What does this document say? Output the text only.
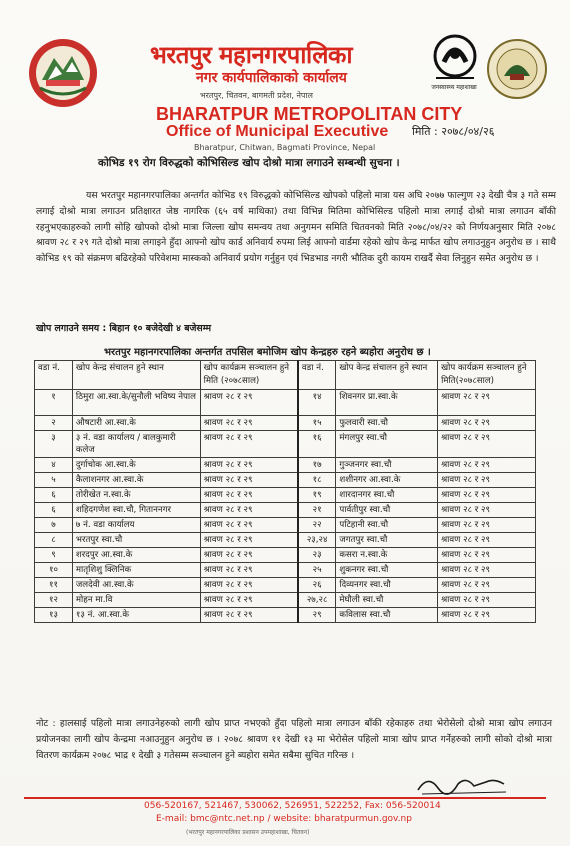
भरतपुर महानगरपालिका
नगर कार्यपालिकाको कार्यालय
भरतपुर, चितवन, बागमती प्रदेश, नेपाल
BHARATPUR METROPOLITAN CITY
Office of Municipal Executive
Bharatpur, Chitwan, Bagmati Province, Nepal
मिति : २०७८/०४/२६
जनस्वास्थ्य महाशाखा
कोभिड १९ रोग विरुद्धको कोभिसिल्ड खोप दोश्रो मात्रा लगाउने सम्बन्धी सुचना ।

यस भरतपुर महानगरपालिका अन्तर्गत कोभिड १९ विरुद्धको कोभिसिल्ड खोपको पहिलो मात्रा यस अघि २०७७ फाल्गुण २३ देखी चैत्र ३ गते सम्म लगाई दोश्रो मात्रा लगाउन प्रतिक्षारत जेष्ठ नागरिक (६५ वर्ष माथिका) तथा विभिन्न मितिमा कोभिसिल्ड पहिलो मात्रा लगाई दोश्रो मात्रा लगाउन बाँकी रहनुभएकाहरुको लागी सोहि खोपको दोश्रो मात्रा जिल्ला खोप समन्वय तथा अनुगमन समिति चितवनको मिति २०७८/०४/२२ को निर्णयअनुसार मिति २०७८ श्रावण २८ र २९ गते दोश्रो मात्रा लगाइने हुँदा आफ्नो खोप कार्ड अनिवार्य रुपमा लिई आफ्नो वार्डमा रहेको खोप केन्द्र मार्फत खोप लगाउनुहुन अनुरोध छ । साथै कोभिड १९ को संक्रमण बढिरहेको परिवेशमा मास्कको अनिवार्य प्रयोग गर्नुहुन एवं भिडभाड नगरी भौतिक दुरी कायम राखर्दै सेवा लिनुहुन समेत अनुरोध छ ।

खोप लगाउने समय : बिहान १० बजेदेखी ४ बजेसम्म
भरतपुर महानगरपालिका अन्तर्गत तपसिल बमोजिम खोप केन्द्रहरु रहने ब्यहोरा अनुरोध छ ।
वडा नं.	खोप केन्द्र संचालन हुने स्थान	खोप कार्यक्रम सञ्चालन हुने मिति (२०७८साल)	वडा नं.	खोप केन्द्र संचालन हुने स्थान	खोप कार्यक्रम सञ्चालन हुने मिति(२०७८साल)
१	ठिमुरा आ.स्वा.के/सुनौली भविष्य नेपाल	श्रावण २८ र २९	१४	शिवनगर प्रा.स्वा.के	श्रावण २८ र २९
२	औषटारी आ.स्वा.के	श्रावण २८ र २९	१५	फुलवारी स्वा.चौ	श्रावण २८ र २९
३	३ नं. वडा कार्यालय / बालकुमारी कलेज	श्रावण २८ र २९	१६	मंगलपुर स्वा.चौ	श्रावण २८ र २९
४	दुर्गाचोक आ.स्वा.के	श्रावण २८ र २९	१७	गुञ्जनगर स्वा.चौ	श्रावण २८ र २९
५	कैलाशनगर आ.स्वा.के	श्रावण २८ र २९	१८	शशीनगर आ.स्वा.के	श्रावण २८ र २९
६	तोरीखेत न.स्वा.के	श्रावण २८ र २९	१९	शारदानगर स्वा.चौ	श्रावण २८ र २९
६	शहिदगणेश स्वा.चौ, गिताननगर	श्रावण २८ र २९	२१	पार्वतीपुर स्वा.चौ	श्रावण २८ र २९
७	७ नं. वडा कार्यालय	श्रावण २८ र २९	२२	पटिहानी स्वा.चौ	श्रावण २८ र २९
८	भरतपुर स्वा.चौ	श्रावण २८ र २९	२३,२४	जगतपुर स्वा.चौ	श्रावण २८ र २९
९	शरदपुर आ.स्वा.के	श्रावण २८ र २९	२३	कसरा न.स्वा.के	श्रावण २८ र २९
१०	मातृशिशु क्लिनिक	श्रावण २८ र २९	२५	शुकनगर स्वा.चौ	श्रावण २८ र २९
११	जलदेवी आ.स्वा.के	श्रावण २८ र २९	२६	दिव्यनगर स्वा.चौ	श्रावण २८ र २९
१२	मोहन मा.वि	श्रावण २८ र २९	२७,२८	मेघौली स्वा.चौ	श्रावण २८ र २९
१३	१३ नं. आ.स्वा.के	श्रावण २८ र २९	२९	कविलास स्वा.चौ	श्रावण २८ र २९
नोट : हालसाई पहिलो मात्रा लगाउनेहरुको लागी खोप प्राप्त नभएको हुँदा पहिलो मात्रा लगाउन बाँकी रहेकाहरु तथा भेरोसेलो दोश्रो मात्रा खोप लगाउन प्रयोजनका लागी खोप केन्द्रमा नआउनुहुन अनुरोध छ । २०७८ श्रावण ११ देखी १३ मा भेरोसेल पहिलो मात्रा खोप प्राप्त गर्नेहरुको लागी सोको दोश्रो मात्रा वितरण कार्यक्रम २०७८ भाद्र १ देखी ३ गतेसम्म सञ्चालन हुने ब्यहोरा समेत सबैमा सुचित गरिन्छ ।
056-520167, 521467, 530062, 526951, 522252, Fax: 056-520014
E-mail: bmc@ntc.net.np / website: bharatpurmun.gov.np
(भरतपुर महानगरपालिका प्रशासन उपमहाशाखा, चितवन)
